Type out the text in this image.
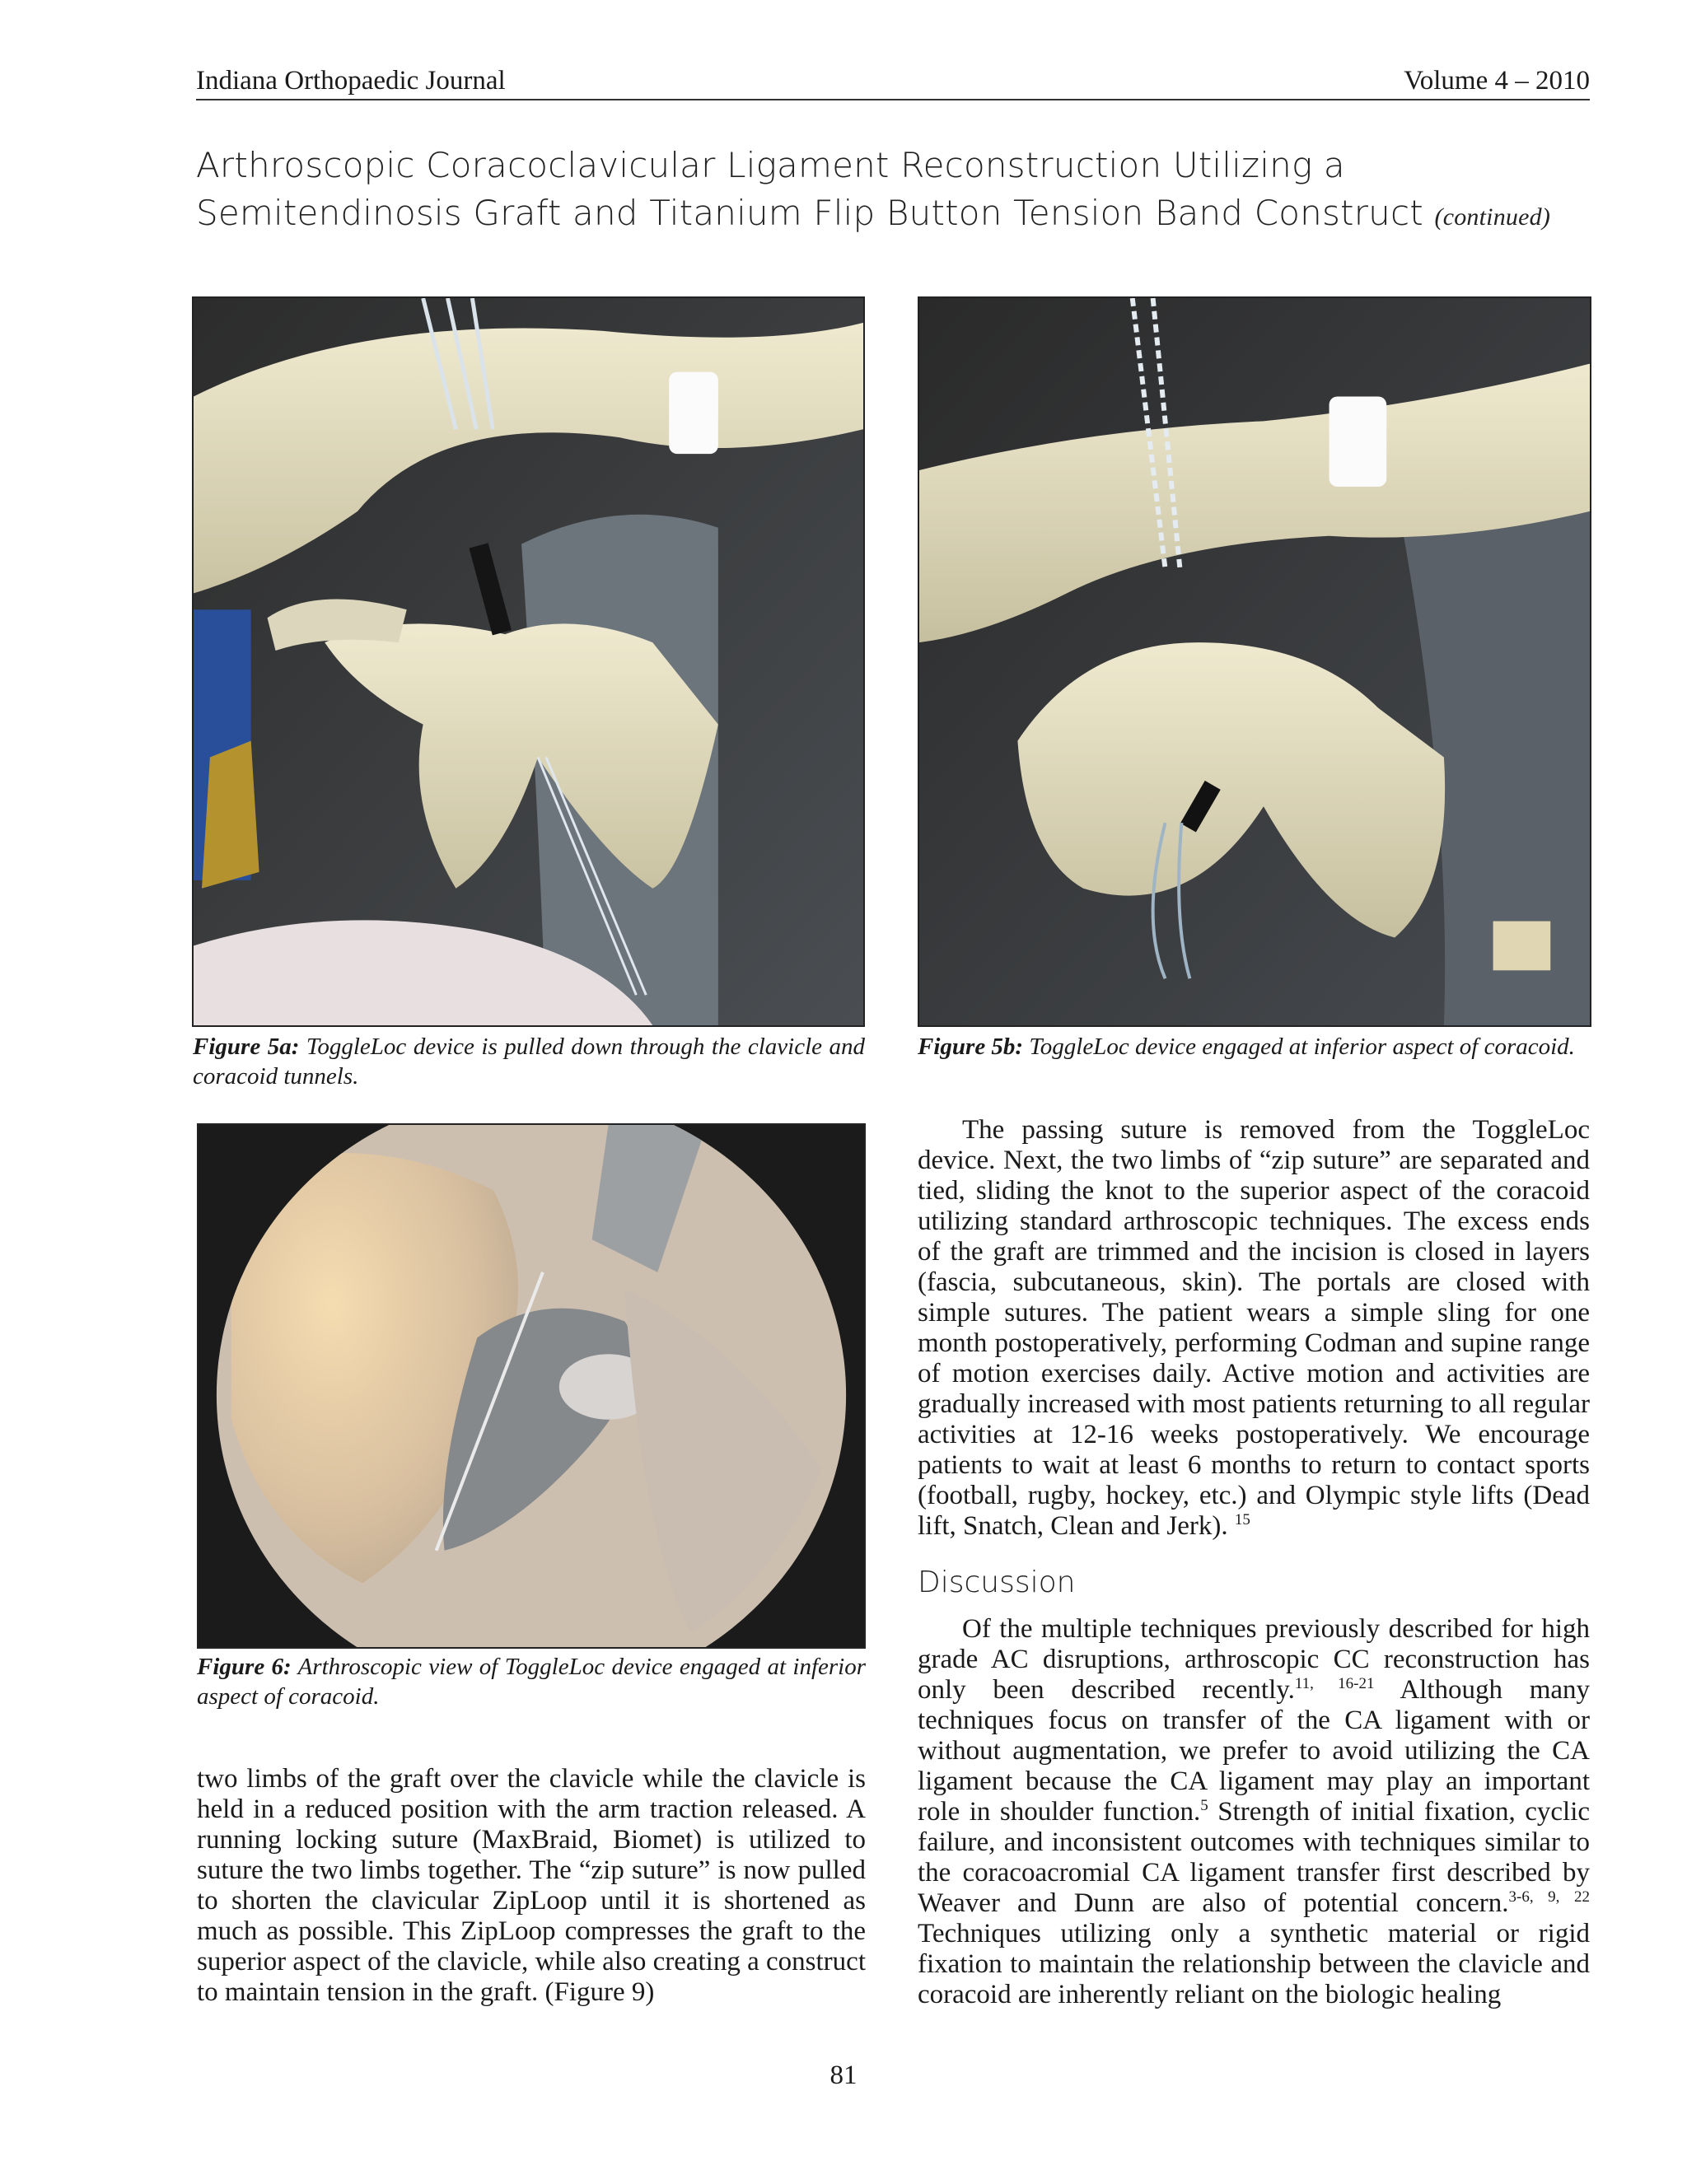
Indiana Orthopaedic Journal	Volume 4 – 2010
Arthroscopic Coracoclavicular Ligament Reconstruction Utilizing a Semitendinosis Graft and Titanium Flip Button Tension Band Construct (continued)
Figure 5a: ToggleLoc device is pulled down through the clavicle and coracoid tunnels.
Figure 5b: ToggleLoc device engaged at inferior aspect of coracoid.
Figure 6: Arthroscopic view of ToggleLoc device engaged at inferior aspect of coracoid.

two limbs of the graft over the clavicle while the clavicle is held in a reduced position with the arm traction released. A running locking suture (MaxBraid, Biomet) is utilized to suture the two limbs together. The “zip suture” is now pulled to shorten the clavicular ZipLoop until it is shortened as much as possible. This ZipLoop compresses the graft to the superior aspect of the clavicle, while also creating a construct to maintain tension in the graft. (Figure 9)

The passing suture is removed from the ToggleLoc device. Next, the two limbs of “zip suture” are separated and tied, sliding the knot to the superior aspect of the coracoid utilizing standard arthroscopic techniques. The excess ends of the graft are trimmed and the incision is closed in layers (fascia, subcutaneous, skin). The portals are closed with simple sutures. The patient wears a simple sling for one month postoperatively, performing Codman and supine range of motion exercises daily. Active motion and activities are gradually increased with most patients returning to all regular activities at 12-16 weeks postoperatively. We encourage patients to wait at least 6 months to return to contact sports (football, rugby, hockey, etc.) and Olympic style lifts (Dead lift, Snatch, Clean and Jerk). $^{15}$

Discussion

Of the multiple techniques previously described for high grade AC disruptions, arthroscopic CC reconstruction has only been described recently.$^{11, 16-21}$ Although many techniques focus on transfer of the CA ligament with or without augmentation, we prefer to avoid utilizing the CA ligament because the CA ligament may play an important role in shoulder function.$^5$ Strength of initial fixation, cyclic failure, and inconsistent outcomes with techniques similar to the coracoacromial CA ligament transfer first described by Weaver and Dunn are also of potential concern.$^{3-6, 9, 22}$ Techniques utilizing only a synthetic material or rigid fixation to maintain the relationship between the clavicle and coracoid are inherently reliant on the biologic healing

81
